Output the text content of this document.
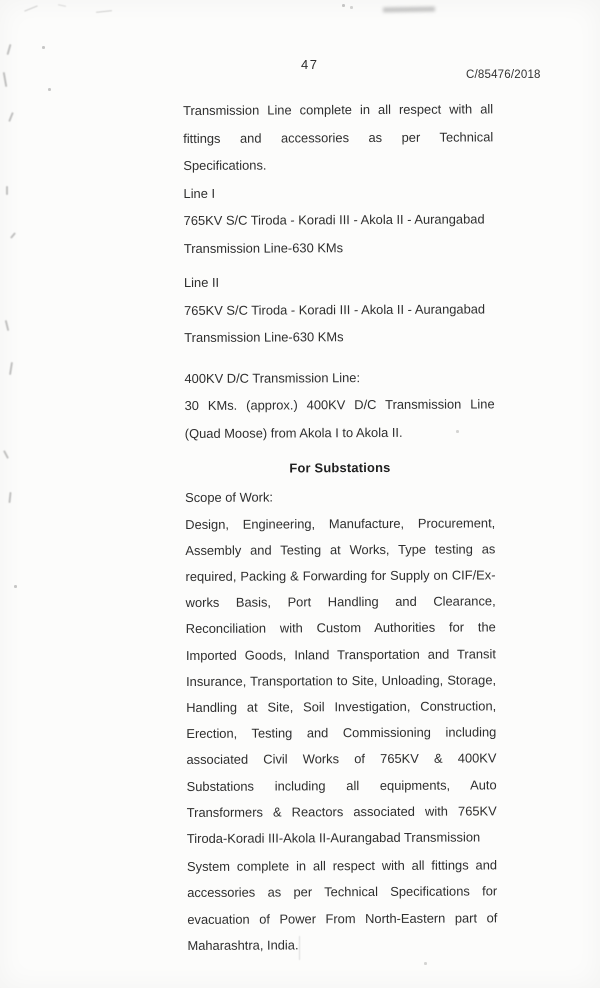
47
C/85476/2018

Transmission Line complete in all respect with all fittings and accessories as per Technical Specifications.

Line I

765KV S/C Tiroda - Koradi III - Akola II - Aurangabad Transmission Line-630 KMs

Line II

765KV S/C Tiroda - Koradi III - Akola II - Aurangabad Transmission Line-630 KMs

400KV D/C Transmission Line:

30 KMs. (approx.) 400KV D/C Transmission Line (Quad Moose) from Akola I to Akola II.

For Substations

Scope of Work:

Design, Engineering, Manufacture, Procurement, Assembly and Testing at Works, Type testing as required, Packing & Forwarding for Supply on CIF/Ex-works Basis, Port Handling and Clearance, Reconciliation with Custom Authorities for the Imported Goods, Inland Transportation and Transit Insurance, Transportation to Site, Unloading, Storage, Handling at Site, Soil Investigation, Construction, Erection, Testing and Commissioning including associated Civil Works of 765KV & 400KV Substations including all equipments, Auto Transformers & Reactors associated with 765KV Tiroda-Koradi III-Akola II-Aurangabad Transmission

System complete in all respect with all fittings and accessories as per Technical Specifications for evacuation of Power From North-Eastern part of Maharashtra, India.
